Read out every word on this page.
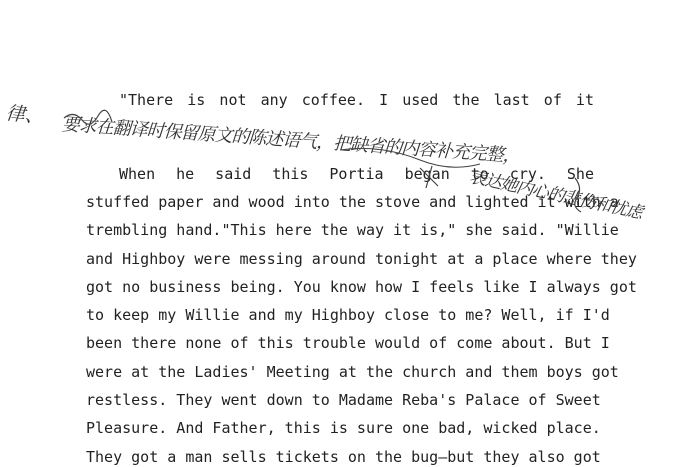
"There is not any coffee. I used the last of it

When he said this Portia began to cry. She

stuffed paper and wood into the stove and lighted it with a

trembling hand."This here the way it is," she said. "Willie

and Highboy were messing around tonight at a place where they

got no business being. You know how I feels like I always got

to keep my Willie and my Highboy close to me? Well, if I'd

been there none of this trouble would of come about. But I

were at the Ladies' Meeting at the church and them boys got

restless. They went down to Madame Reba's Palace of Sweet

Pleasure. And Father, this is sure one bad, wicked place.

They got a man sells tickets on the bug—but they also got

律、 要求在翻译时保留原文的陈述语气，把缺省的内容补充完整，

表达她内心的悲伤和忧虑
